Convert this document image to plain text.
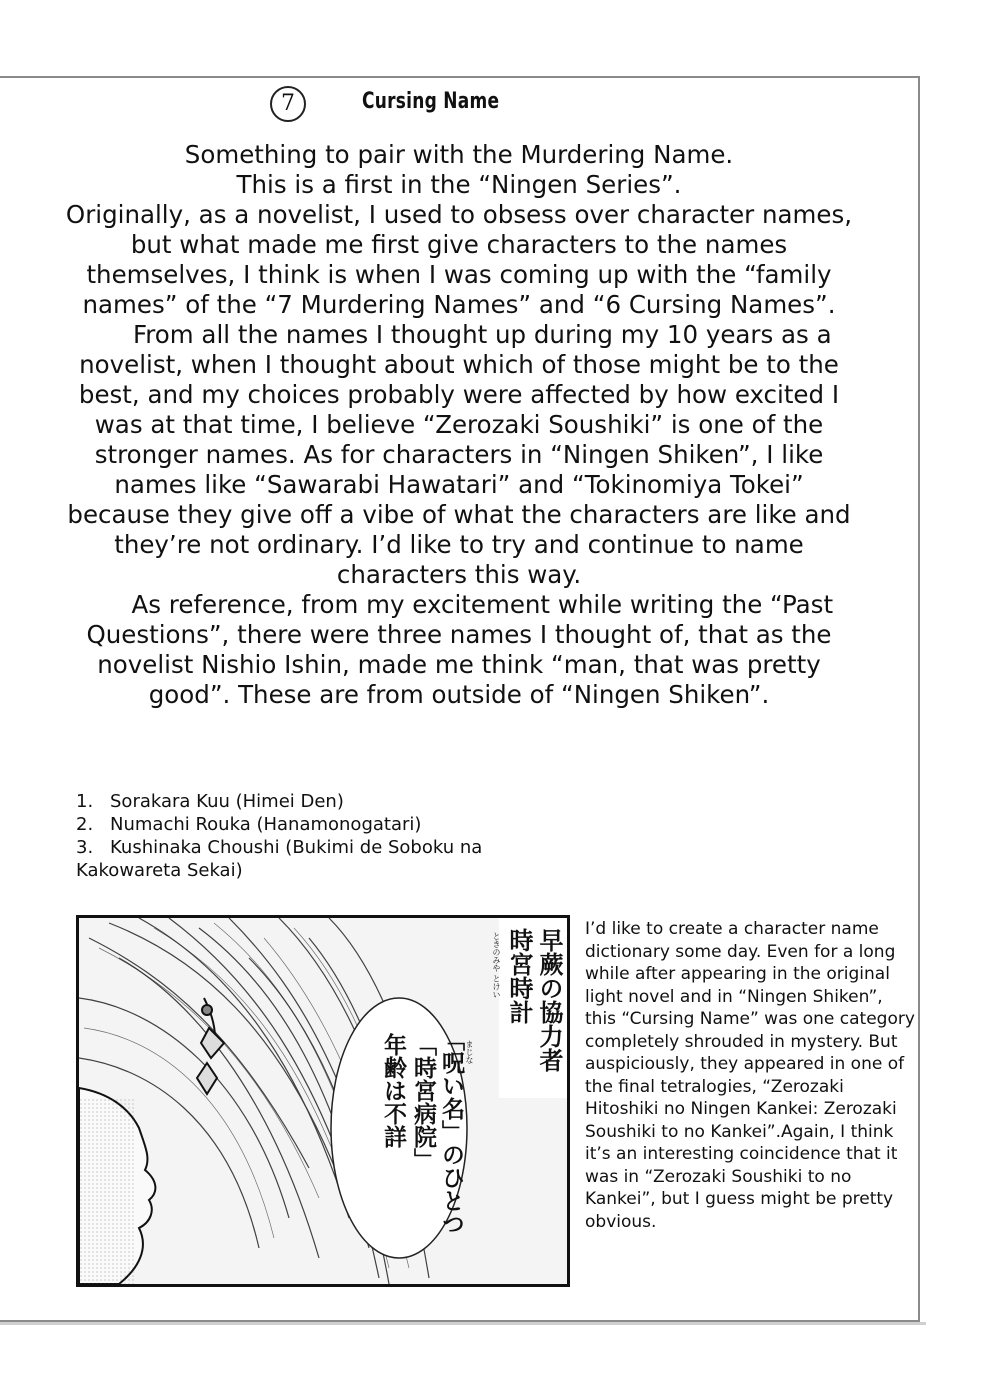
7	Cursing Name

Something to pair with the Murdering Name.

This is a first in the “Ningen Series”.

Originally, as a novelist, I used to obsess over character names, but what made me first give characters to the names themselves, I think is when I was coming up with the “family names” of the “7 Murdering Names” and “6 Cursing Names”.

From all the names I thought up during my 10 years as a novelist, when I thought about which of those might be to the best, and my choices probably were affected by how excited I was at that time, I believe “Zerozaki Soushiki” is one of the stronger names. As for characters in “Ningen Shiken”, I like names like “Sawarabi Hawatari” and “Tokinomiya Tokei” because they give off a vibe of what the characters are like and they’re not ordinary. I’d like to try and continue to name characters this way.

As reference, from my excitement while writing the “Past Questions”, there were three names I thought of, that as the novelist Nishio Ishin, made me think “man, that was pretty good”. These are from outside of “Ningen Shiken”.

1. Sorakara Kuu (Himei Den)

2. Numachi Rouka (Hanamonogatari)

3. Kushinaka Choushi (Bukimi de Soboku na Kakowareta Sekai)

早蕨の協力者
時宮時計
ときのみや とけい
「呪い名」のひとつ
「時宮病院」
年齢は不詳	まじな
I’d like to create a character name dictionary some day. Even for a long while after appearing in the original light novel and in “Ningen Shiken”, this “Cursing Name” was one category completely shrouded in mystery. But auspiciously, they appeared in one of the final tetralogies, “Zerozaki Hitoshiki no Ningen Kankei: Zerozaki Soushiki to no Kankei”.Again, I think it’s an interesting coincidence that it was in “Zerozaki Soushiki to no Kankei”, but I guess might be pretty obvious.
